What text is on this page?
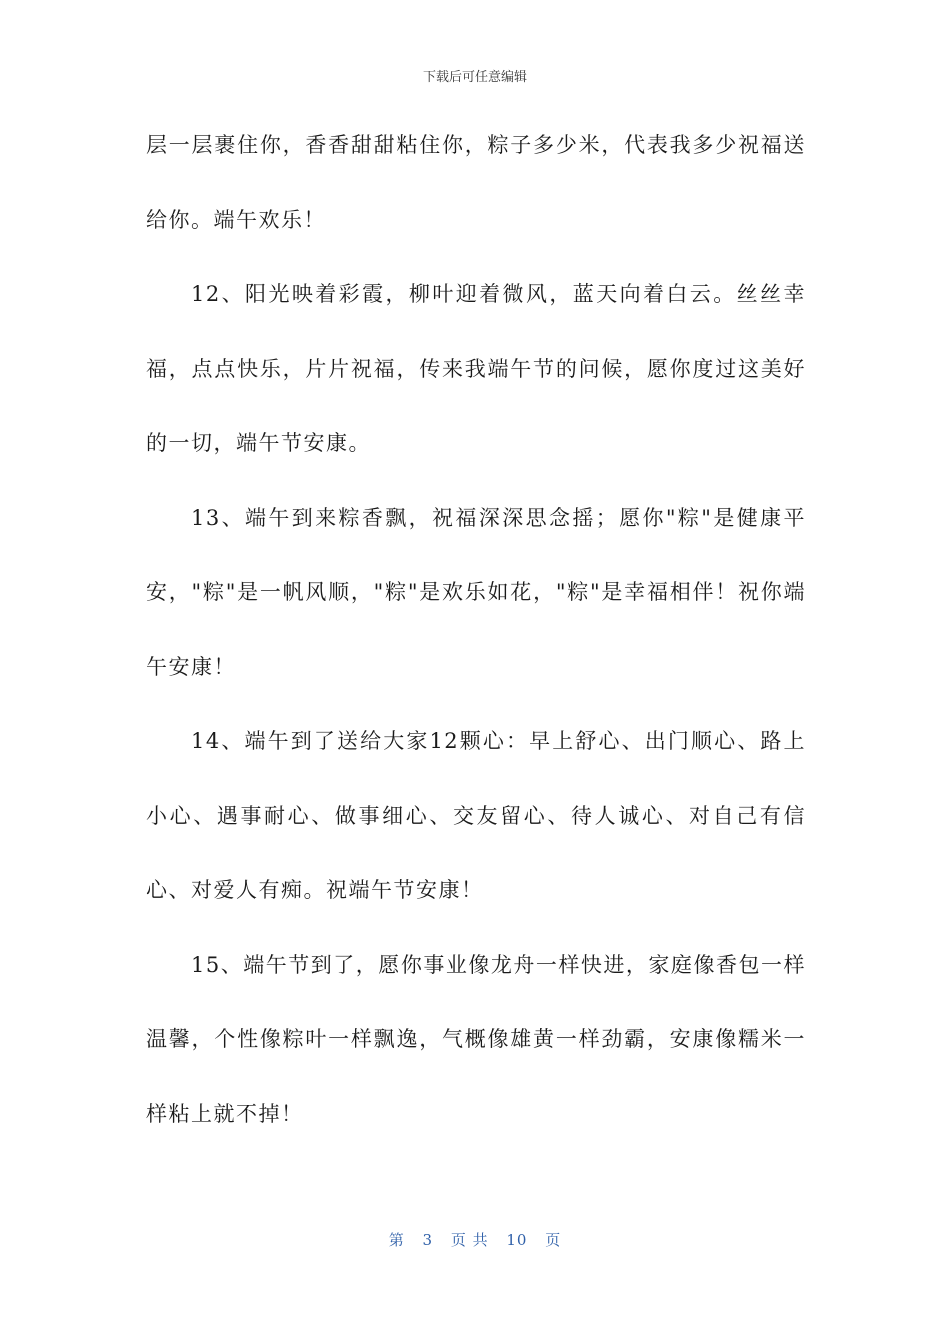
下载后可任意编辑

层一层裹住你，香香甜甜粘住你，粽子多少米，代表我多少祝福送给你。端午欢乐！

12、阳光映着彩霞，柳叶迎着微风，蓝天向着白云。丝丝幸福，点点快乐，片片祝福，传来我端午节的问候，愿你度过这美好的一切，端午节安康。

13、端午到来粽香飘，祝福深深思念摇；愿你"粽"是健康平安，"粽"是一帆风顺，"粽"是欢乐如花，"粽"是幸福相伴！祝你端午安康！

14、端午到了送给大家12颗心：早上舒心、出门顺心、路上小心、遇事耐心、做事细心、交友留心、待人诚心、对自己有信心、对爱人有痴。祝端午节安康！

15、端午节到了，愿你事业像龙舟一样快进，家庭像香包一样温馨，个性像粽叶一样飘逸，气概像雄黄一样劲霸，安康像糯米一样粘上就不掉！

第 3 页 共 10 页
